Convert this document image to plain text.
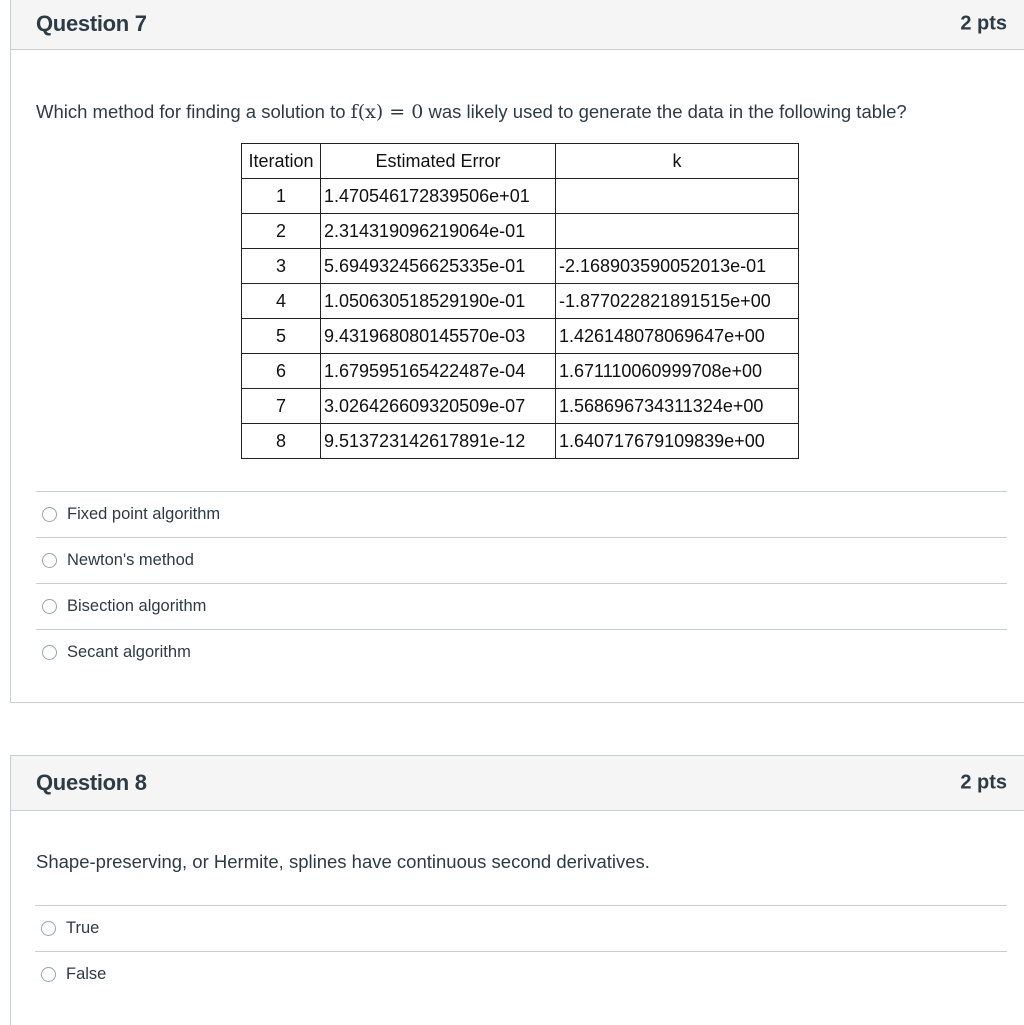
Question 7	2 pts
Which method for finding a solution to f(x) = 0 was likely used to generate the data in the following table?
Iteration	Estimated Error	k
1	1.470546172839506e+01	
2	2.314319096219064e-01	
3	5.694932456625335e-01	-2.168903590052013e-01
4	1.050630518529190e-01	-1.877022821891515e+00
5	9.431968080145570e-03	1.426148078069647e+00
6	1.679595165422487e-04	1.671110060999708e+00
7	3.026426609320509e-07	1.568696734311324e+00
8	9.513723142617891e-12	1.640717679109839e+00
Fixed point algorithm
Newton's method
Bisection algorithm
Secant algorithm
Question 8	2 pts
Shape-preserving, or Hermite, splines have continuous second derivatives.
True
False
